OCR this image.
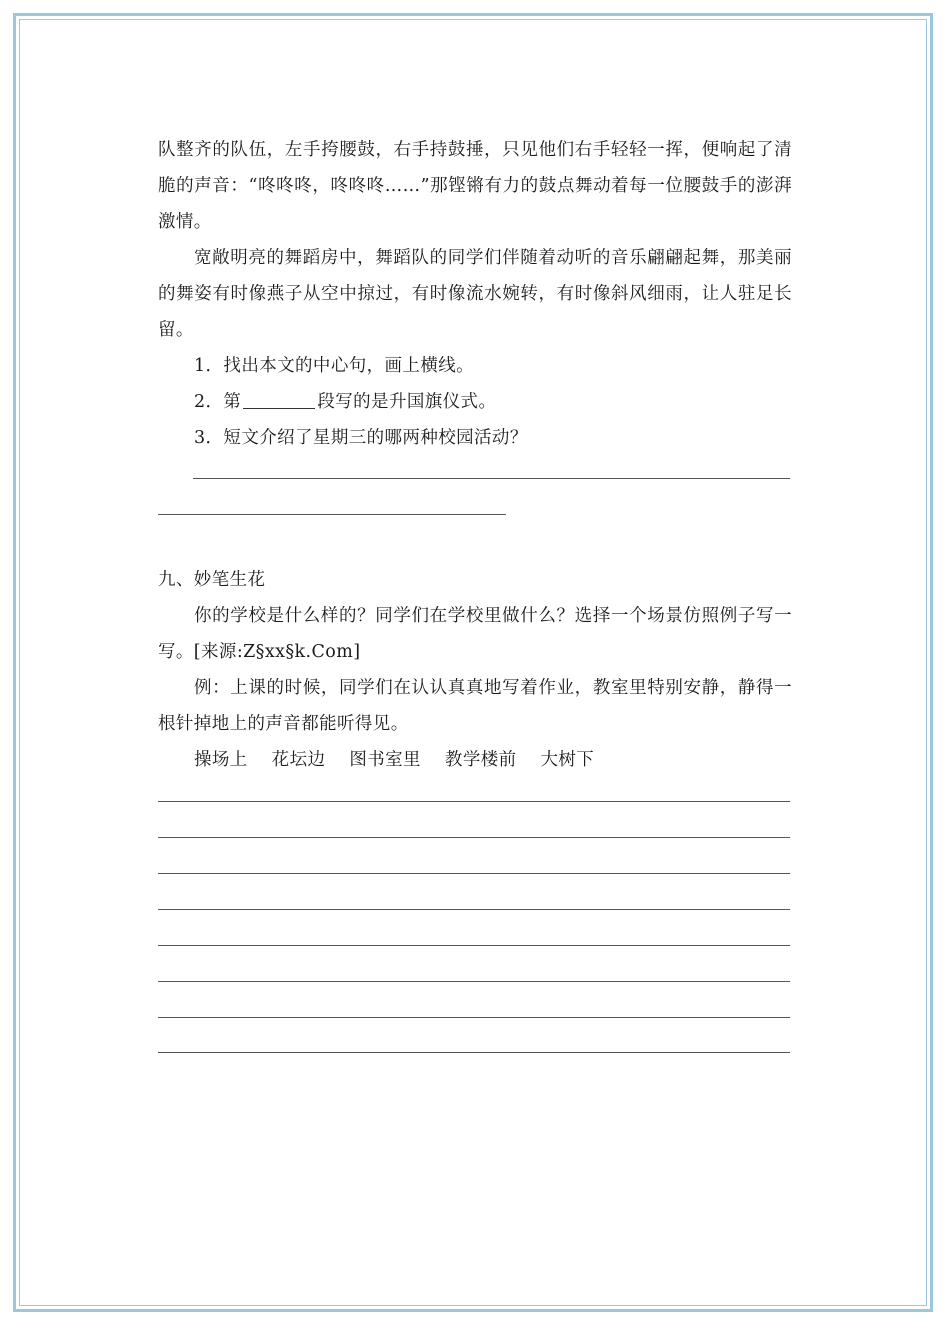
队整齐的队伍，左手挎腰鼓，右手持鼓捶，只见他们右手轻轻一挥，便响起了清脆的声音：“咚咚咚，咚咚咚……”那铿锵有力的鼓点舞动着每一位腰鼓手的澎湃激情。

宽敞明亮的舞蹈房中，舞蹈队的同学们伴随着动听的音乐翩翩起舞，那美丽的舞姿有时像燕子从空中掠过，有时像流水婉转，有时像斜风细雨，让人驻足长留。

1．找出本文的中心句，画上横线。

2．第	段写的是升国旗仪式。

3．短文介绍了星期三的哪两种校园活动？

九、妙笔生花

你的学校是什么样的？同学们在学校里做什么？选择一个场景仿照例子写一写。[来源:Z§xx§k.Com]

例：上课的时候，同学们在认认真真地写着作业，教室里特别安静，静得一根针掉地上的声音都能听得见。

操场上 花坛边 图书室里 教学楼前 大树下
